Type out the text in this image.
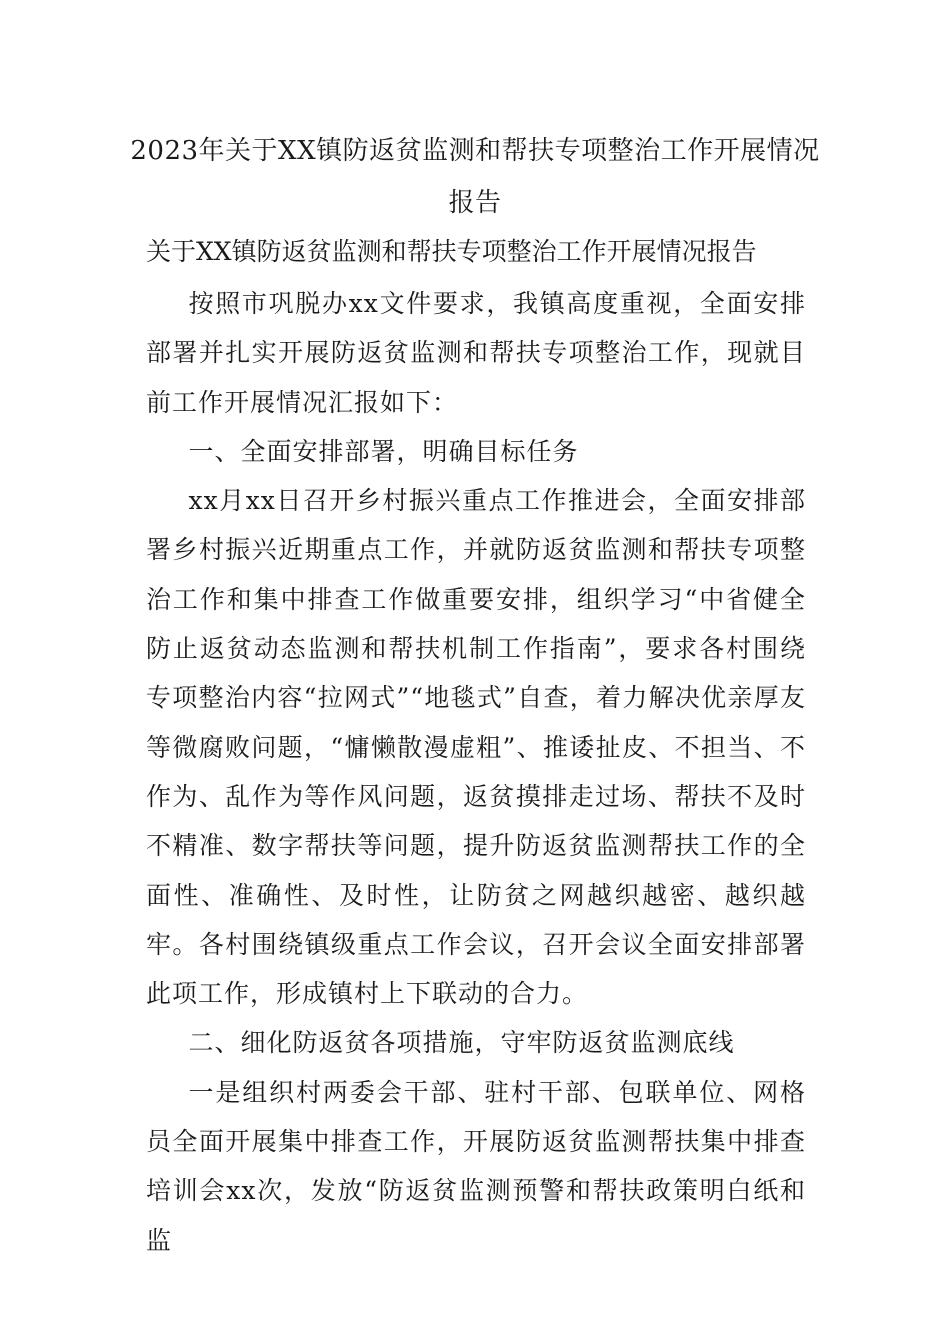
2023年关于XX镇防返贫监测和帮扶专项整治工作开展情况报告
关于XX镇防返贫监测和帮扶专项整治工作开展情况报告

按照市巩脱办xx文件要求，我镇高度重视，全面安排部署并扎实开展防返贫监测和帮扶专项整治工作，现就目前工作开展情况汇报如下：

一、全面安排部署，明确目标任务

xx月xx日召开乡村振兴重点工作推进会，全面安排部署乡村振兴近期重点工作，并就防返贫监测和帮扶专项整治工作和集中排查工作做重要安排，组织学习“中省健全防止返贫动态监测和帮扶机制工作指南”，要求各村围绕专项整治内容“拉网式”“地毯式”自查，着力解决优亲厚友等微腐败问题，“慵懒散漫虚粗”、推诿扯皮、不担当、不作为、乱作为等作风问题，返贫摸排走过场、帮扶不及时不精准、数字帮扶等问题，提升防返贫监测帮扶工作的全面性、准确性、及时性，让防贫之网越织越密、越织越牢。各村围绕镇级重点工作会议，召开会议全面安排部署此项工作，形成镇村上下联动的合力。

二、细化防返贫各项措施，守牢防返贫监测底线

一是组织村两委会干部、驻村干部、包联单位、网格员全面开展集中排查工作，开展防返贫监测帮扶集中排查培训会xx次，发放“防返贫监测预警和帮扶政策明白纸和监
